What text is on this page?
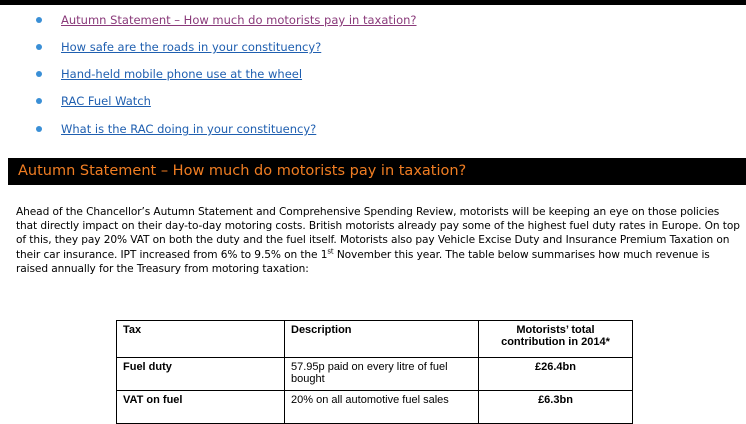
Autumn Statement – How much do motorists pay in taxation?
How safe are the roads in your constituency?
Hand-held mobile phone use at the wheel
RAC Fuel Watch
What is the RAC doing in your constituency?
Autumn Statement – How much do motorists pay in taxation?

Ahead of the Chancellor’s Autumn Statement and Comprehensive Spending Review, motorists will be keeping an eye on those policies that directly impact on their day-to-day motoring costs. British motorists already pay some of the highest fuel duty rates in Europe. On top of this, they pay 20% VAT on both the duty and the fuel itself. Motorists also pay Vehicle Excise Duty and Insurance Premium Taxation on their car insurance. IPT increased from 6% to 9.5% on the 1st November this year. The table below summarises how much revenue is raised annually for the Treasury from motoring taxation:

Tax	Description	Motorists’ total contribution in 2014*
Fuel duty	57.95p paid on every litre of fuel bought	£26.4bn
VAT on fuel	20% on all automotive fuel sales	£6.3bn
